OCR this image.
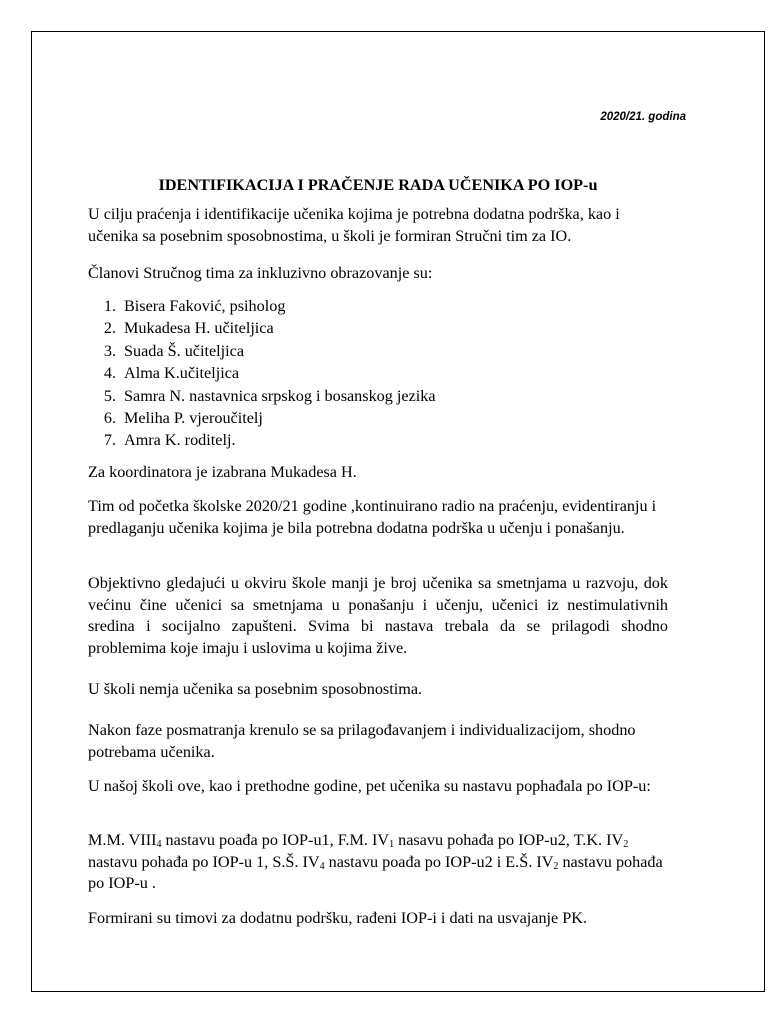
2020/21. godina
IDENTIFIKACIJA I PRAČENJE RADA UČENIKA PO IOP-u

U cilju praćenja i identifikacije učenika kojima je potrebna dodatna podrška, kao i učenika sa posebnim sposobnostima, u školi je formiran Stručni tim za IO.

Članovi Stručnog tima za inkluzivno obrazovanje su:

1. Bisera Faković, psiholog
2. Mukadesa H. učiteljica
3. Suada Š. učiteljica
4. Alma K.učiteljica
5. Samra N. nastavnica srpskog i bosanskog jezika
6. Meliha P. vjeroučitelj
7. Amra K. roditelj.

Za koordinatora je izabrana Mukadesa H.

Tim od početka školske 2020/21 godine ,kontinuirano radio na praćenju, evidentiranju i predlaganju učenika kojima je bila potrebna dodatna podrška u učenju i ponašanju.

Objektivno gledajući u okviru škole manji je broj učenika sa smetnjama u razvoju, dok većinu čine učenici sa smetnjama u ponašanju i učenju, učenici iz nestimulativnih sredina i socijalno zapušteni. Svima bi nastava trebala da se prilagodi shodno problemima koje imaju i uslovima u kojima žive.

U školi nemja učenika sa posebnim sposobnostima.

Nakon faze posmatranja krenulo se sa prilagođavanjem i individualizacijom, shodno potrebama učenika.

U našoj školi ove, kao i prethodne godine, pet učenika su nastavu pophađala po IOP-u:

M.M. $VIII_4$ nastavu poađa po IOP-u1, F.M. $IV_1$ nasavu pohađa po IOP-u2, T.K. $IV_2$ nastavu pohađa po IOP-u 1, S.Š. $IV_4$ nastavu poađa po IOP-u2 i E.Š. $IV_2$ nastavu pohađa po IOP-u .

Formirani su timovi za dodatnu podršku, rađeni IOP-i i dati na usvajanje PK.
